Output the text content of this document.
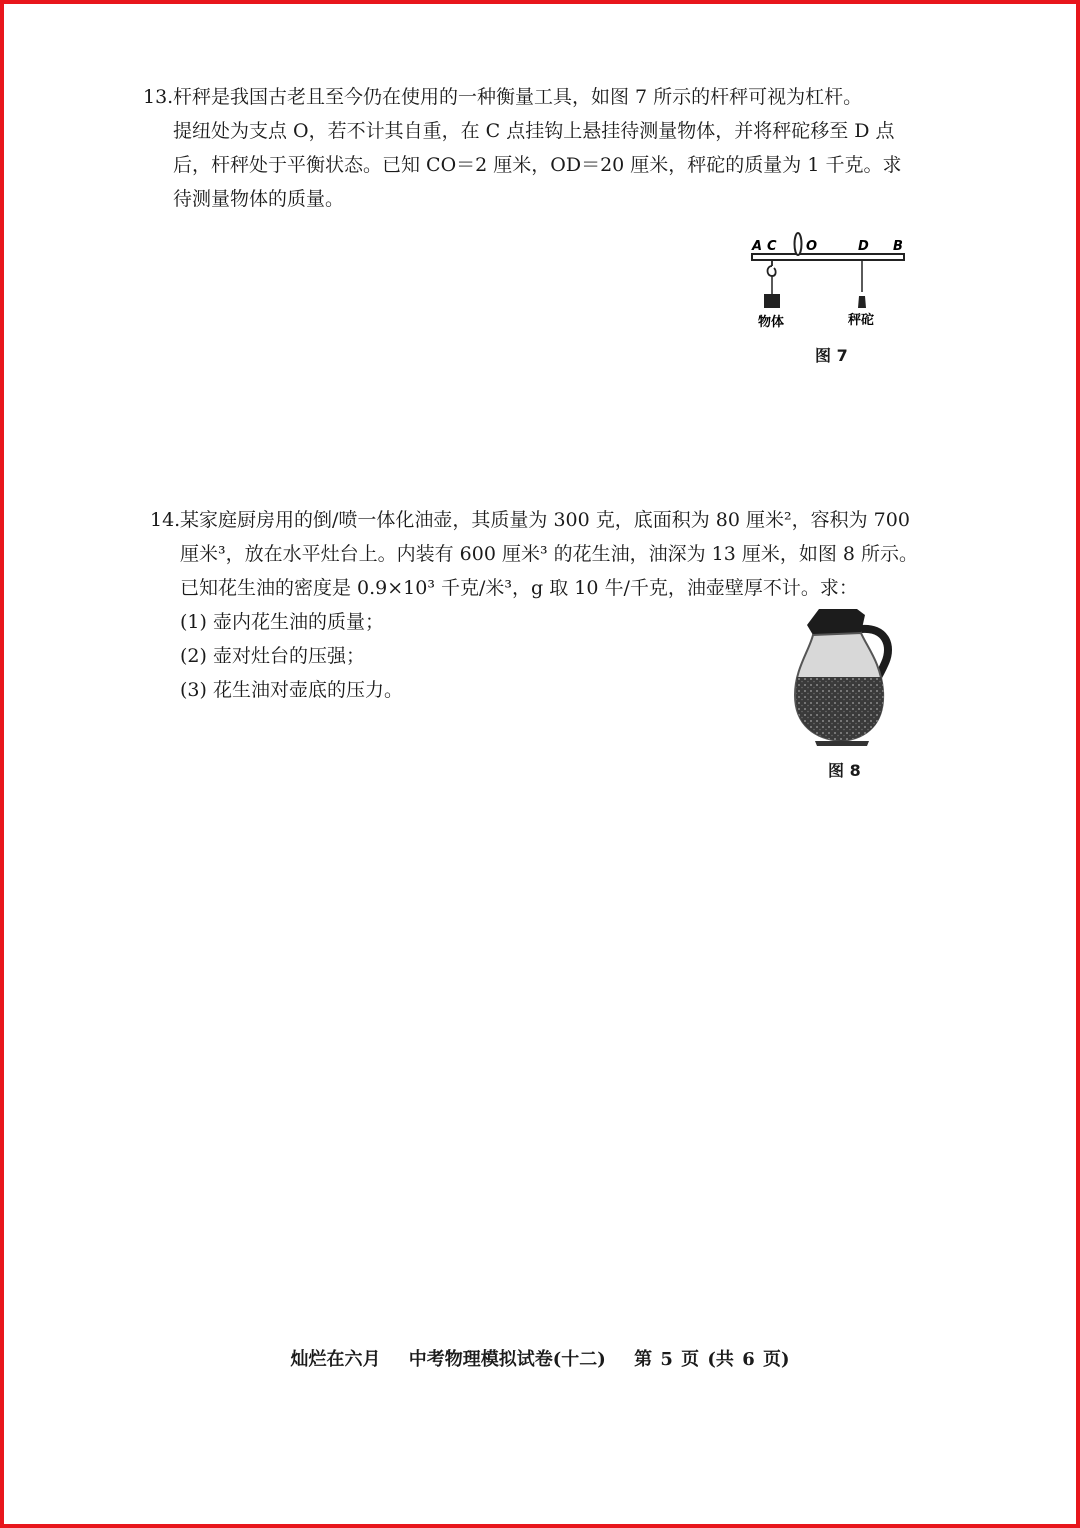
13.杆秤是我国古老且至今仍在使用的一种衡量工具，如图 7 所示的杆秤可视为杠杆。

提纽处为支点 O，若不计其自重，在 C 点挂钩上悬挂待测量物体，并将秤砣移至 D 点

后，杆秤处于平衡状态。已知 CO＝2 厘米，OD＝20 厘米，秤砣的质量为 1 千克。求

待测量物体的质量。

A C O	D B
物体	秤砣
图 7

14.某家庭厨房用的倒/喷一体化油壶，其质量为 300 克，底面积为 80 厘米²，容积为 700

厘米³，放在水平灶台上。内装有 600 厘米³ 的花生油，油深为 13 厘米，如图 8 所示。

已知花生油的密度是 0.9×10³ 千克/米³，g 取 10 牛/千克，油壶壁厚不计。求：

(1) 壶内花生油的质量；

(2) 壶对灶台的压强；

(3) 花生油对壶底的压力。

图 8
灿烂在六月 中考物理模拟试卷(十二) 第 5 页 (共 6 页)
